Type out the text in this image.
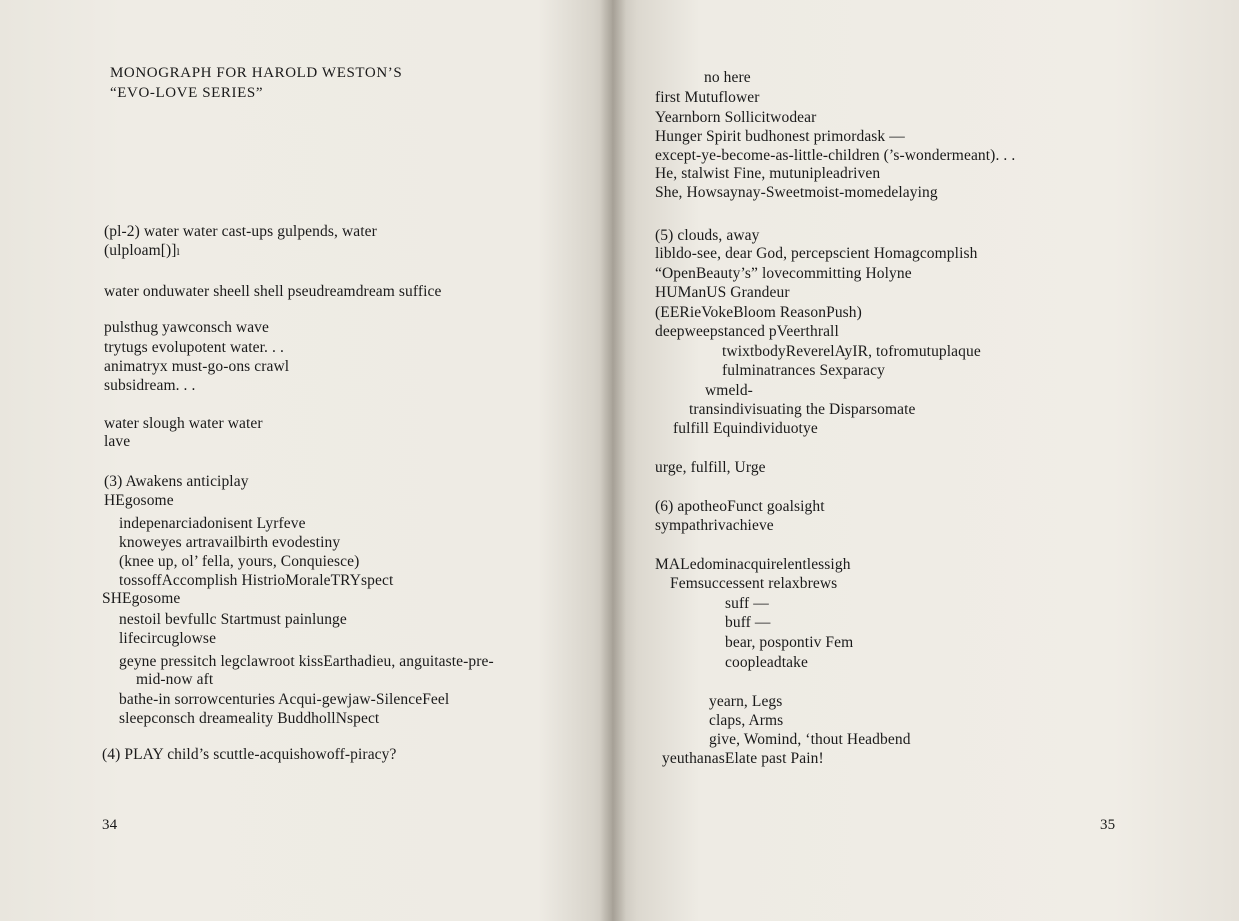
MONOGRAPH FOR HAROLD WESTON’S
“EVO-LOVE SERIES”
(pl-2) water water cast-ups gulpends, water
(ulploam[)]ₗ
water onduwater sheell shell pseudreamdream suffice
pulsthug yawconsch wave
trytugs evolupotent water. . .
animatryx must-go-ons crawl
subsidream. . .
water slough water water
lave
(3) Awakens anticiplay
HEgosome
indepenarciadonisent Lyrfeve
knoweyes artravailbirth evodestiny
(knee up, ol’ fella, yours, Conquiesce)
tossoffAccomplish HistrioMoraleTRYspect
SHEgosome
nestoil bevfullc Startmust painlunge
lifecircuglowse
geyne pressitch legclawroot kissEarthadieu, anguitaste-pre-
mid-now aft
bathe-in sorrowcenturies Acqui-gewjaw-SilenceFeel
sleepconsch dreameality BuddhollNspect
(4) PLAY child’s scuttle-acquishowoff-piracy?
34
no here
first Mutuflower
Yearnborn Sollicitwodear
Hunger Spirit budhonest primordask —
except-ye-become-as-little-children (’s-wondermeant). . .
He, stalwist Fine, mutunipleadriven
She, Howsaynay-Sweetmoist-momedelaying
(5) clouds, away
libldo-see, dear God, percepscient Homagcomplish
“OpenBeauty’s” lovecommitting Holyne
HUManUS Grandeur
(EERieVokeBloom ReasonPush)
deepweepstanced pVeerthrall
twixtbodyReverelAyIR, tofromutuplaque
fulminatrances Sexparacy
wmeld-
transindivisuating the Disparsomate
fulfill Equindividuotye
urge, fulfill, Urge
(6) apotheoFunct goalsight
sympathrivachieve
MALedominacquirelentlessigh
Femsuccessent relaxbrews
suff —
buff —
bear, pospontiv Fem
coopleadtake
yearn, Legs
claps, Arms
give, Womind, ‘thout Headbend
yeuthanasElate past Pain!
35
